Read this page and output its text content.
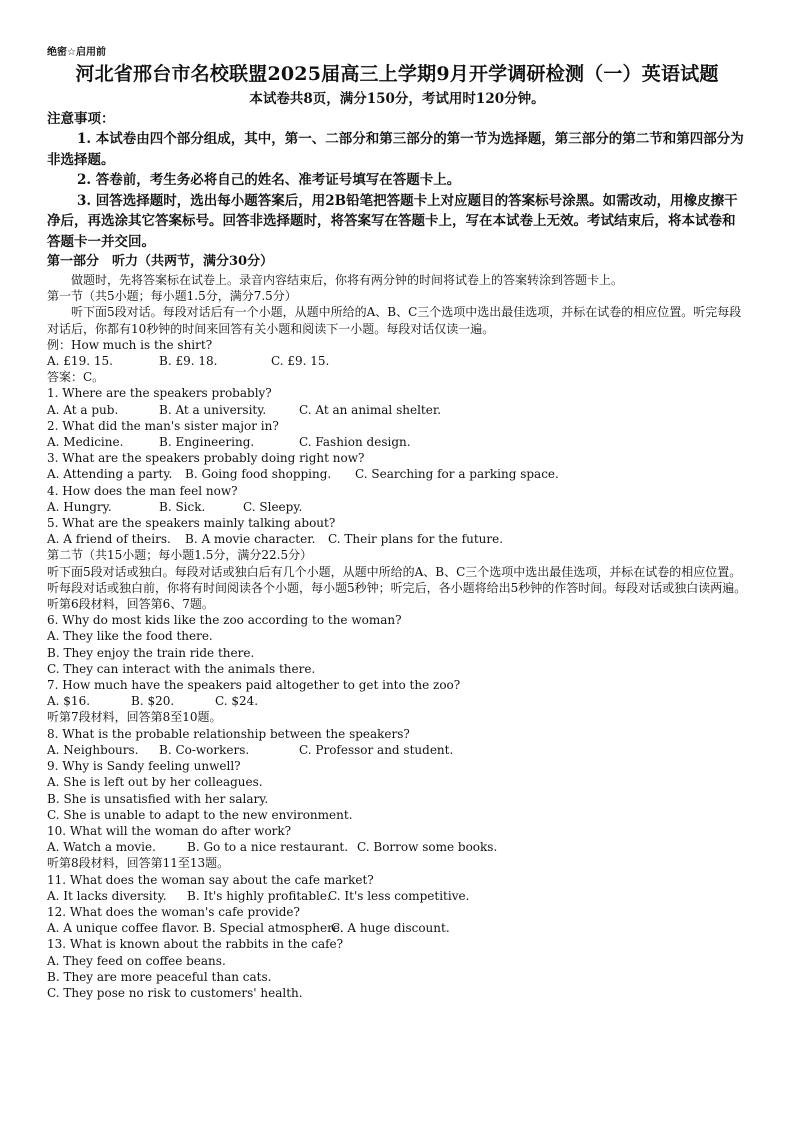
绝密☆启用前
河北省邢台市名校联盟2025届高三上学期9月开学调研检测（一）英语试题
本试卷共8页，满分150分，考试用时120分钟。
注意事项：
1. 本试卷由四个部分组成，其中，第一、二部分和第三部分的第一节为选择题，第三部分的第二节和第四部分为非选择题。
2. 答卷前，考生务必将自己的姓名、准考证号填写在答题卡上。
3. 回答选择题时，选出每小题答案后，用2B铅笔把答题卡上对应题目的答案标号涂黑。如需改动，用橡皮擦干净后，再选涂其它答案标号。回答非选择题时，将答案写在答题卡上，写在本试卷上无效。考试结束后，将本试卷和答题卡一并交回。
第一部分　听力（共两节，满分30分）
做题时，先将答案标在试卷上。录音内容结束后，你将有两分钟的时间将试卷上的答案转涂到答题卡上。
第一节（共5小题；每小题1.5分，满分7.5分）
听下面5段对话。每段对话后有一个小题，从题中所给的A、B、C三个选项中选出最佳选项，并标在试卷的相应位置。听完每段对话后，你都有10秒钟的时间来回答有关小题和阅读下一小题。每段对话仅读一遍。
例：How much is the shirt?
A. £19. 15.	B. £9. 18.	C. £9. 15.
答案：C。
1. Where are the speakers probably?
A. At a pub.	B. At a university.	C. At an animal shelter.
2. What did the man's sister major in?
A. Medicine.	B. Engineering.	C. Fashion design.
3. What are the speakers probably doing right now?
A. Attending a party.	B. Going food shopping.	C. Searching for a parking space.
4. How does the man feel now?
A. Hungry.	B. Sick.	C. Sleepy.
5. What are the speakers mainly talking about?
A. A friend of theirs.	B. A movie character.	C. Their plans for the future.
第二节（共15小题；每小题1.5分，满分22.5分）
听下面5段对话或独白。每段对话或独白后有几个小题，从题中所给的A、B、C三个选项中选出最佳选项，并标在试卷的相应位置。听每段对话或独白前，你将有时间阅读各个小题，每小题5秒钟；听完后，各小题将给出5秒钟的作答时间。每段对话或独白读两遍。
听第6段材料，回答第6、7题。
6. Why do most kids like the zoo according to the woman?
A. They like the food there.
B. They enjoy the train ride there.
C. They can interact with the animals there.
7. How much have the speakers paid altogether to get into the zoo?
A. $16.	B. $20.	C. $24.
听第7段材料，回答第8至10题。
8. What is the probable relationship between the speakers?
A. Neighbours.	B. Co-workers.	C. Professor and student.
9. Why is Sandy feeling unwell?
A. She is left out by her colleagues.
B. She is unsatisfied with her salary.
C. She is unable to adapt to the new environment.
10. What will the woman do after work?
A. Watch a movie.	B. Go to a nice restaurant. C. Borrow some books.
听第8段材料，回答第11至13题。
11. What does the woman say about the cafe market?
A. It lacks diversity.	B. It's highly profitable.
C. It's less competitive.
12. What does the woman's cafe provide?
A. A unique coffee flavor. B. Special atmosphere.
C. A huge discount.
13. What is known about the rabbits in the cafe?
A. They feed on coffee beans.
B. They are more peaceful than cats.
C. They pose no risk to customers' health.
